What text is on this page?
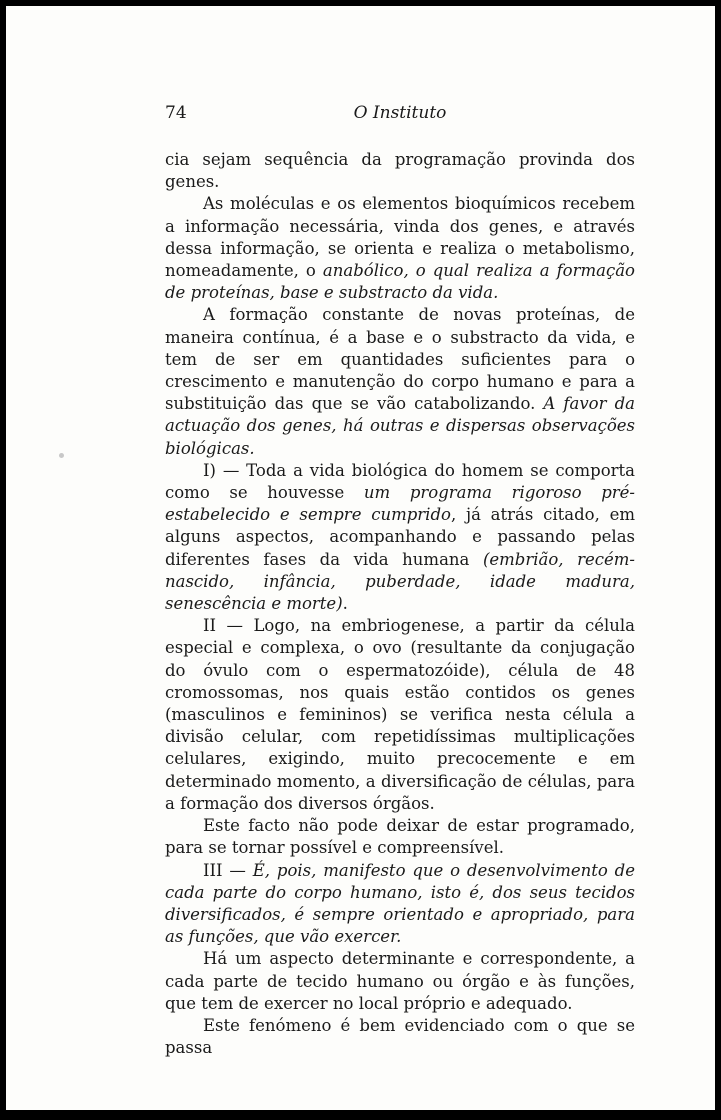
74	O Instituto

cia sejam sequência da programação provinda dos genes.

As moléculas e os elementos bioquímicos recebem a informação necessária, vinda dos genes, e através dessa informação, se orienta e realiza o metabolismo, nomeadamente, o anabólico, o qual realiza a formação de proteínas, base e substracto da vida.

A formação constante de novas proteínas, de maneira contínua, é a base e o substracto da vida, e tem de ser em quantidades suficientes para o crescimento e manutenção do corpo humano e para a substituição das que se vão catabolizando. A favor da actuação dos genes, há outras e dispersas observações biológicas.

I) — Toda a vida biológica do homem se comporta como se houvesse um programa rigoroso pré-estabelecido e sempre cumprido, já atrás citado, em alguns aspectos, acompanhando e passando pelas diferentes fases da vida humana (embrião, recém-nascido, infância, puberdade, idade madura, senescência e morte).

II — Logo, na embriogenese, a partir da célula especial e complexa, o ovo (resultante da conjugação do óvulo com o espermatozóide), célula de 48 cromossomas, nos quais estão contidos os genes (masculinos e femininos) se verifica nesta célula a divisão celular, com repetidíssimas multiplicações celulares, exigindo, muito precocemente e em determinado momento, a diversificação de células, para a formação dos diversos órgãos.

Este facto não pode deixar de estar programado, para se tornar possível e compreensível.

III — É, pois, manifesto que o desenvolvimento de cada parte do corpo humano, isto é, dos seus tecidos diversificados, é sempre orientado e apropriado, para as funções, que vão exercer.

Há um aspecto determinante e correspondente, a cada parte de tecido humano ou órgão e às funções, que tem de exercer no local próprio e adequado.

Este fenómeno é bem evidenciado com o que se passa
